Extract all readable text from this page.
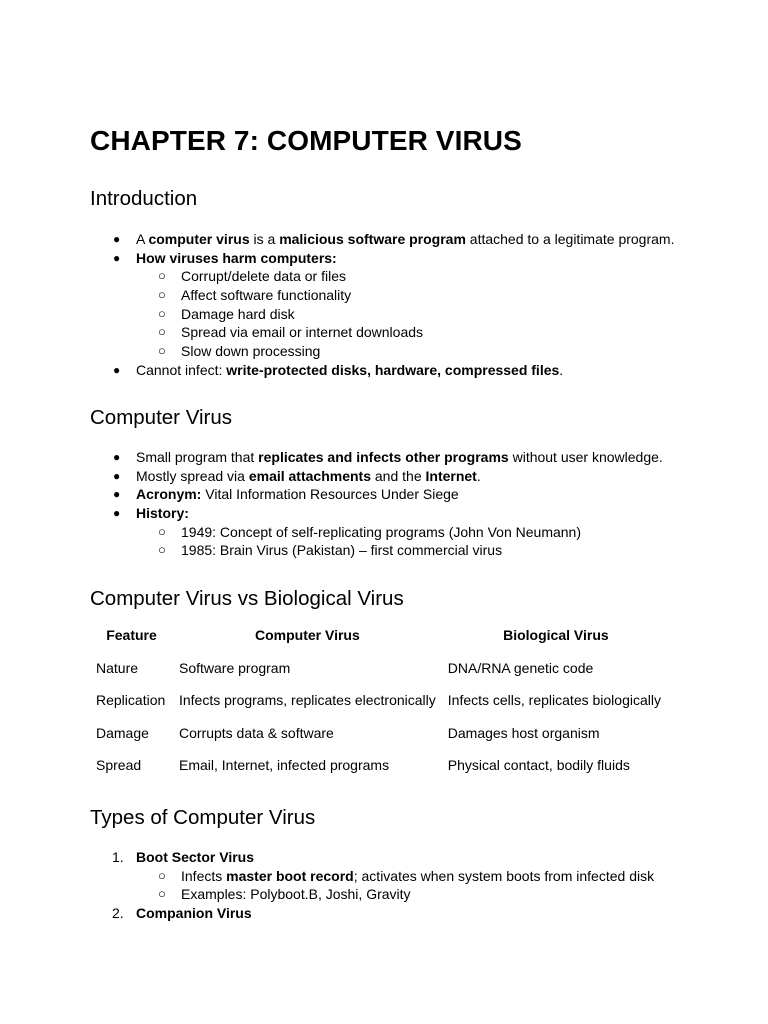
CHAPTER 7: COMPUTER VIRUS
Introduction
●	A computer virus is a malicious software program attached to a legitimate program.
●	How viruses harm computers:
○ Corrupt/delete data or files
○ Affect software functionality
○ Damage hard disk
○ Spread via email or internet downloads
○ Slow down processing
●	Cannot infect: write-protected disks, hardware, compressed files.
Computer Virus
●	Small program that replicates and infects other programs without user knowledge.
●	Mostly spread via email attachments and the Internet.
●	Acronym: Vital Information Resources Under Siege
●	History:
○ 1949: Concept of self-replicating programs (John Von Neumann)
○ 1985: Brain Virus (Pakistan) – first commercial virus
Computer Virus vs Biological Virus
Feature	Computer Virus	Biological Virus
Nature	Software program	DNA/RNA genetic code
Replication	Infects programs, replicates electronically	Infects cells, replicates biologically
Damage	Corrupts data & software	Damages host organism
Spread	Email, Internet, infected programs	Physical contact, bodily fluids
Types of Computer Virus
1. Boot Sector Virus
○ Infects master boot record; activates when system boots from infected disk
○ Examples: Polyboot.B, Joshi, Gravity
2. Companion Virus
